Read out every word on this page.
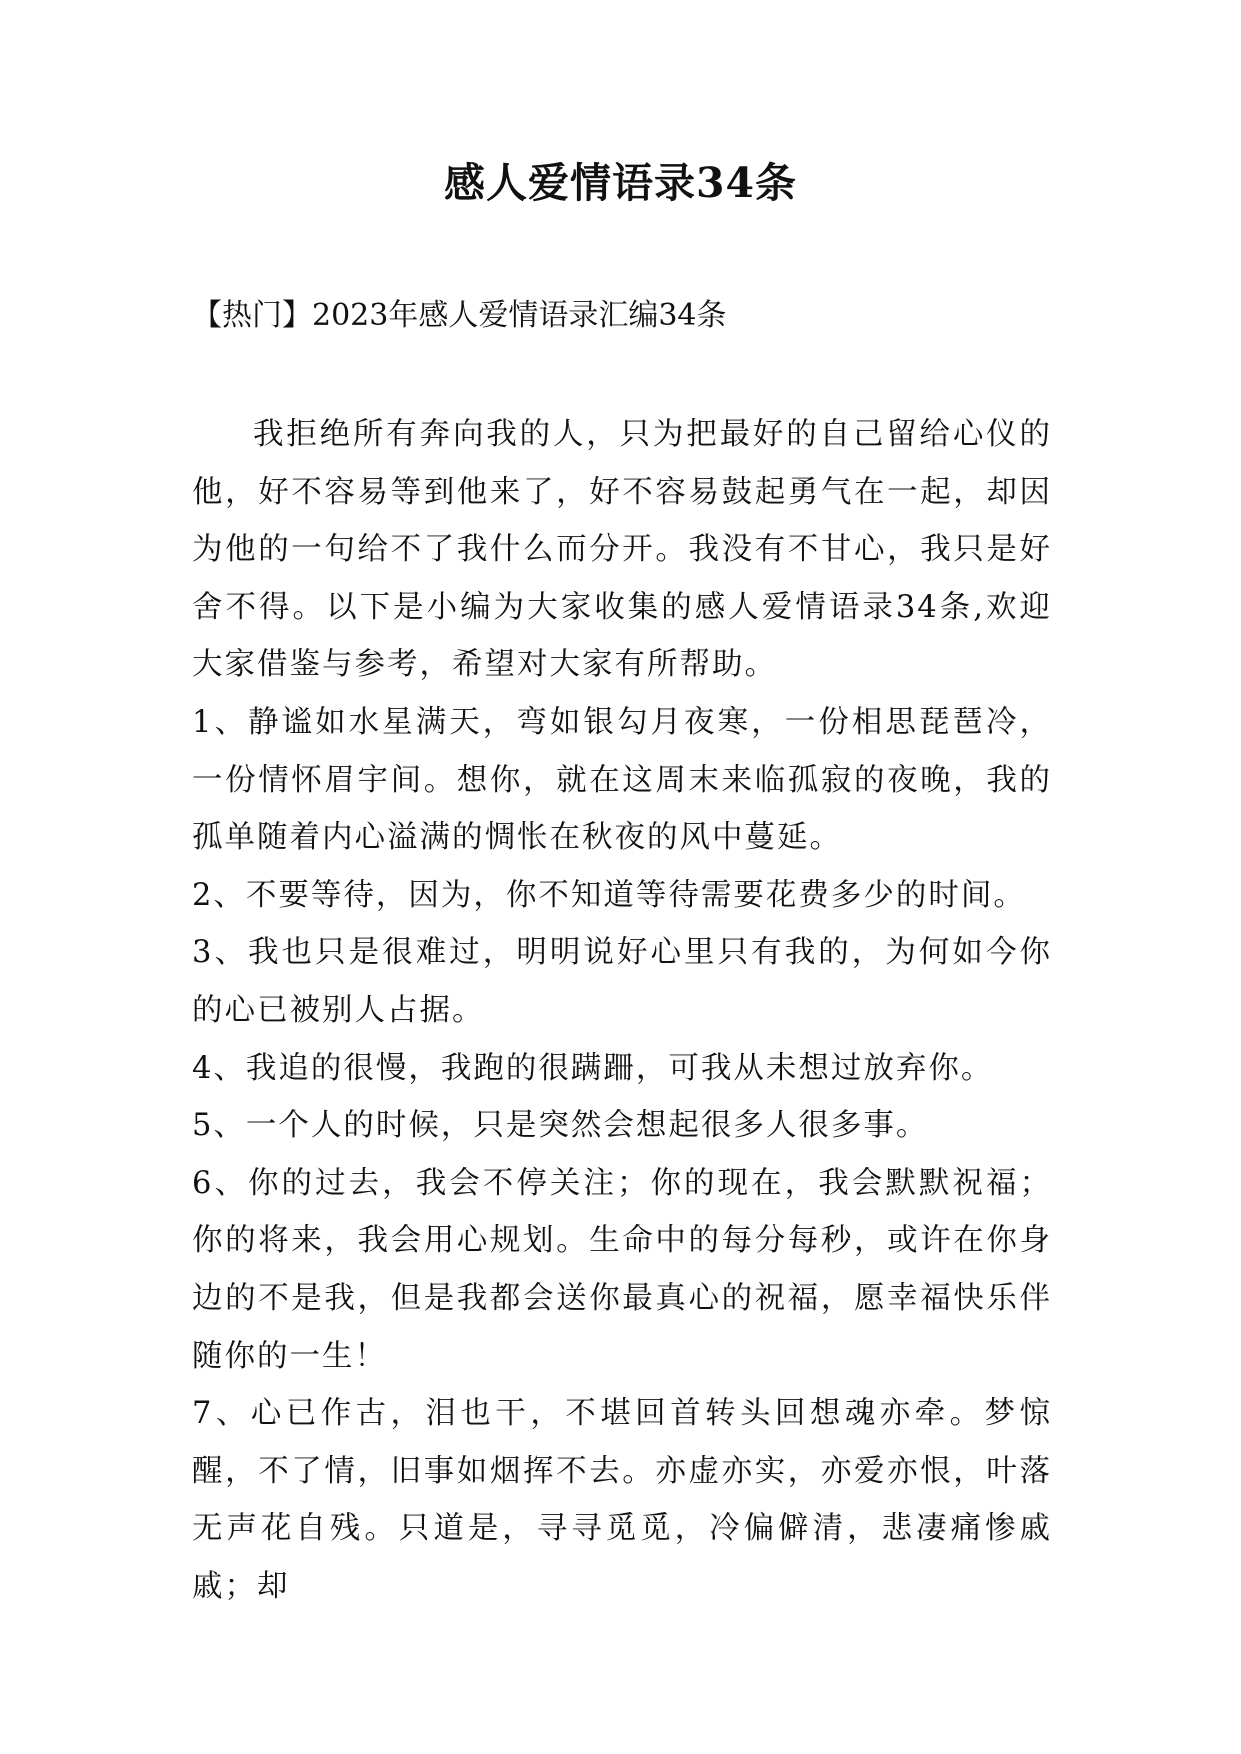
感人爱情语录34条

【热门】2023年感人爱情语录汇编34条

我拒绝所有奔向我的人，只为把最好的自己留给心仪的他，好不容易等到他来了，好不容易鼓起勇气在一起，却因为他的一句给不了我什么而分开。我没有不甘心，我只是好舍不得。以下是小编为大家收集的感人爱情语录34条,欢迎大家借鉴与参考，希望对大家有所帮助。

1、静谧如水星满天，弯如银勾月夜寒，一份相思琵琶冷，一份情怀眉宇间。想你，就在这周末来临孤寂的夜晚，我的孤单随着内心溢满的惆怅在秋夜的风中蔓延。

2、不要等待，因为，你不知道等待需要花费多少的时间。

3、我也只是很难过，明明说好心里只有我的，为何如今你的心已被别人占据。

4、我追的很慢，我跑的很蹒跚，可我从未想过放弃你。

5、一个人的时候，只是突然会想起很多人很多事。

6、你的过去，我会不停关注；你的现在，我会默默祝福；你的将来，我会用心规划。生命中的每分每秒，或许在你身边的不是我，但是我都会送你最真心的祝福，愿幸福快乐伴随你的一生！

7、心已作古，泪也干，不堪回首转头回想魂亦牵。梦惊醒，不了情，旧事如烟挥不去。亦虚亦实，亦爱亦恨，叶落无声花自残。只道是，寻寻觅觅，冷偏僻清，悲凄痛惨戚戚；却
